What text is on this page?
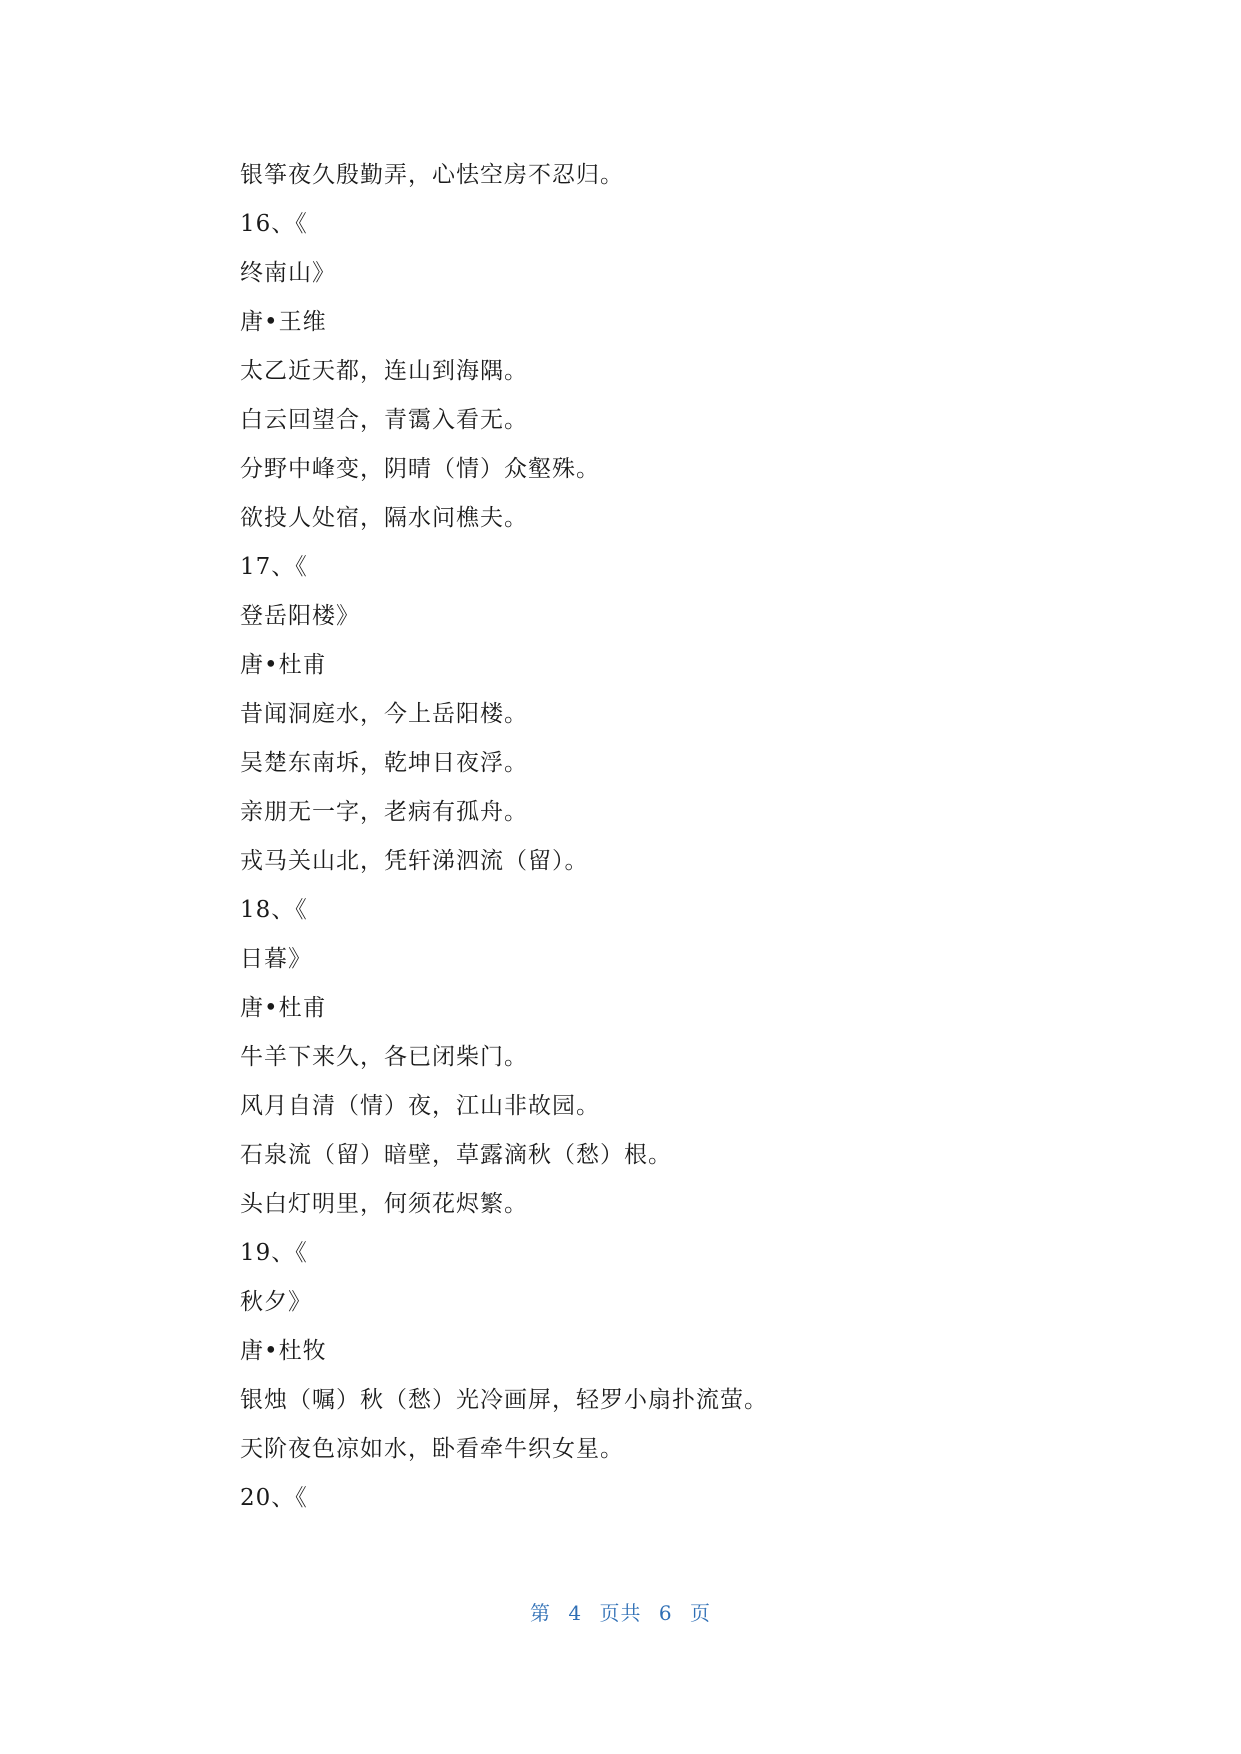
银筝夜久殷勤弄，心怯空房不忍归。
16、《
终南山》
唐•王维
太乙近天都，连山到海隅。
白云回望合，青霭入看无。
分野中峰变，阴晴（情）众壑殊。
欲投人处宿，隔水问樵夫。
17、《
登岳阳楼》
唐•杜甫
昔闻洞庭水，今上岳阳楼。
吴楚东南坼，乾坤日夜浮。
亲朋无一字，老病有孤舟。
戎马关山北，凭轩涕泗流（留）。
18、《
日暮》
唐•杜甫
牛羊下来久，各已闭柴门。
风月自清（情）夜，江山非故园。
石泉流（留）暗壁，草露滴秋（愁）根。
头白灯明里，何须花烬繁。
19、《
秋夕》
唐•杜牧
银烛（嘱）秋（愁）光冷画屏，轻罗小扇扑流萤。
天阶夜色凉如水，卧看牵牛织女星。
20、《
第 4 页共 6 页
